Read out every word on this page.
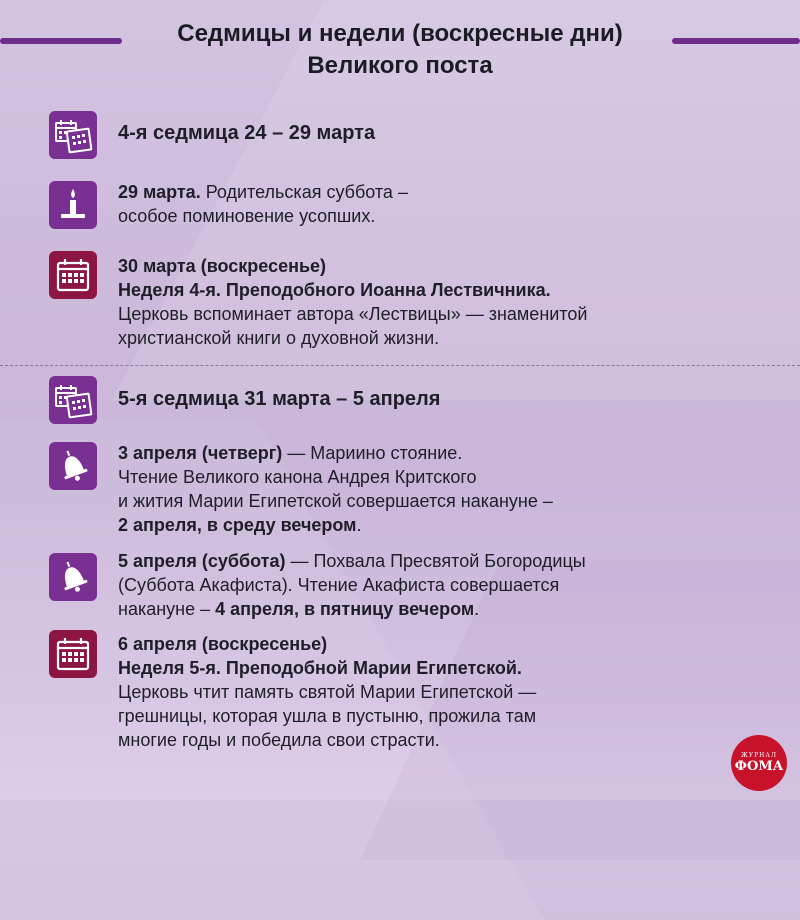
Седмицы и недели (воскресные дни)
Великого поста
4-я седмица 24 – 29 марта
29 марта. Родительская суббота –
особое поминовение усопших.
30 марта (воскресенье)
Неделя 4-я. Преподобного Иоанна Лествичника.
Церковь вспоминает автора «Лествицы» — знаменитой
христианской книги о духовной жизни.
5-я седмица 31 марта – 5 апреля
3 апреля (четверг) — Мариино стояние.
Чтение Великого канона Андрея Критского
и жития Марии Египетской совершается накануне –
2 апреля, в среду вечером.
5 апреля (суббота) — Похвала Пресвятой Богородицы
(Суббота Акафиста). Чтение Акафиста совершается
накануне – 4 апреля, в пятницу вечером.
6 апреля (воскресенье)
Неделя 5-я. Преподобной Марии Египетской.
Церковь чтит память святой Марии Египетской —
грешницы, которая ушла в пустыню, прожила там
многие годы и победила свои страсти.
ЖУРНАЛ
ФОМА
